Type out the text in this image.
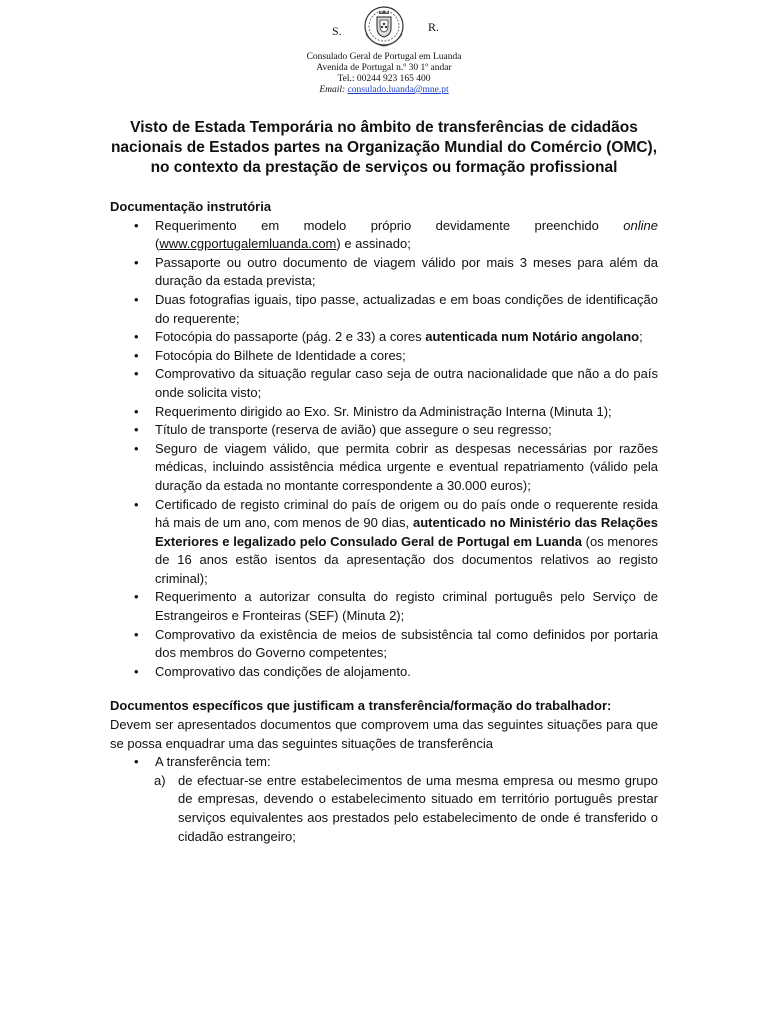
S.	R.
Consulado Geral de Portugal em Luanda
Avenida de Portugal n.º 30 1º andar
Tel.: 00244 923 165 400
Email: consulado.luanda@mne.pt
Visto de Estada Temporária no âmbito de transferências de cidadãos nacionais de Estados partes na Organização Mundial do Comércio (OMC), no contexto da prestação de serviços ou formação profissional

Documentação instrutória

• Requerimento em modelo próprio devidamente preenchido online (www.cgportugalemluanda.com) e assinado;
• Passaporte ou outro documento de viagem válido por mais 3 meses para além da duração da estada prevista;
• Duas fotografias iguais, tipo passe, actualizadas e em boas condições de identificação do requerente;
• Fotocópia do passaporte (pág. 2 e 33) a cores autenticada num Notário angolano;
• Fotocópia do Bilhete de Identidade a cores;
• Comprovativo da situação regular caso seja de outra nacionalidade que não a do país onde solicita visto;
• Requerimento dirigido ao Exo. Sr. Ministro da Administração Interna (Minuta 1);
• Título de transporte (reserva de avião) que assegure o seu regresso;
• Seguro de viagem válido, que permita cobrir as despesas necessárias por razões médicas, incluindo assistência médica urgente e eventual repatriamento (válido pela duração da estada no montante correspondente a 30.000 euros);
• Certificado de registo criminal do país de origem ou do país onde o requerente resida há mais de um ano, com menos de 90 dias, autenticado no Ministério das Relações Exteriores e legalizado pelo Consulado Geral de Portugal em Luanda (os menores de 16 anos estão isentos da apresentação dos documentos relativos ao registo criminal);
• Requerimento a autorizar consulta do registo criminal português pelo Serviço de Estrangeiros e Fronteiras (SEF) (Minuta 2);
• Comprovativo da existência de meios de subsistência tal como definidos por portaria dos membros do Governo competentes;
• Comprovativo das condições de alojamento.

Documentos específicos que justificam a transferência/formação do trabalhador:

Devem ser apresentados documentos que comprovem uma das seguintes situações para que se possa enquadrar uma das seguintes situações de transferência

• A transferência tem:
a) de efectuar-se entre estabelecimentos de uma mesma empresa ou mesmo grupo de empresas, devendo o estabelecimento situado em território português prestar serviços equivalentes aos prestados pelo estabelecimento de onde é transferido o cidadão estrangeiro;
